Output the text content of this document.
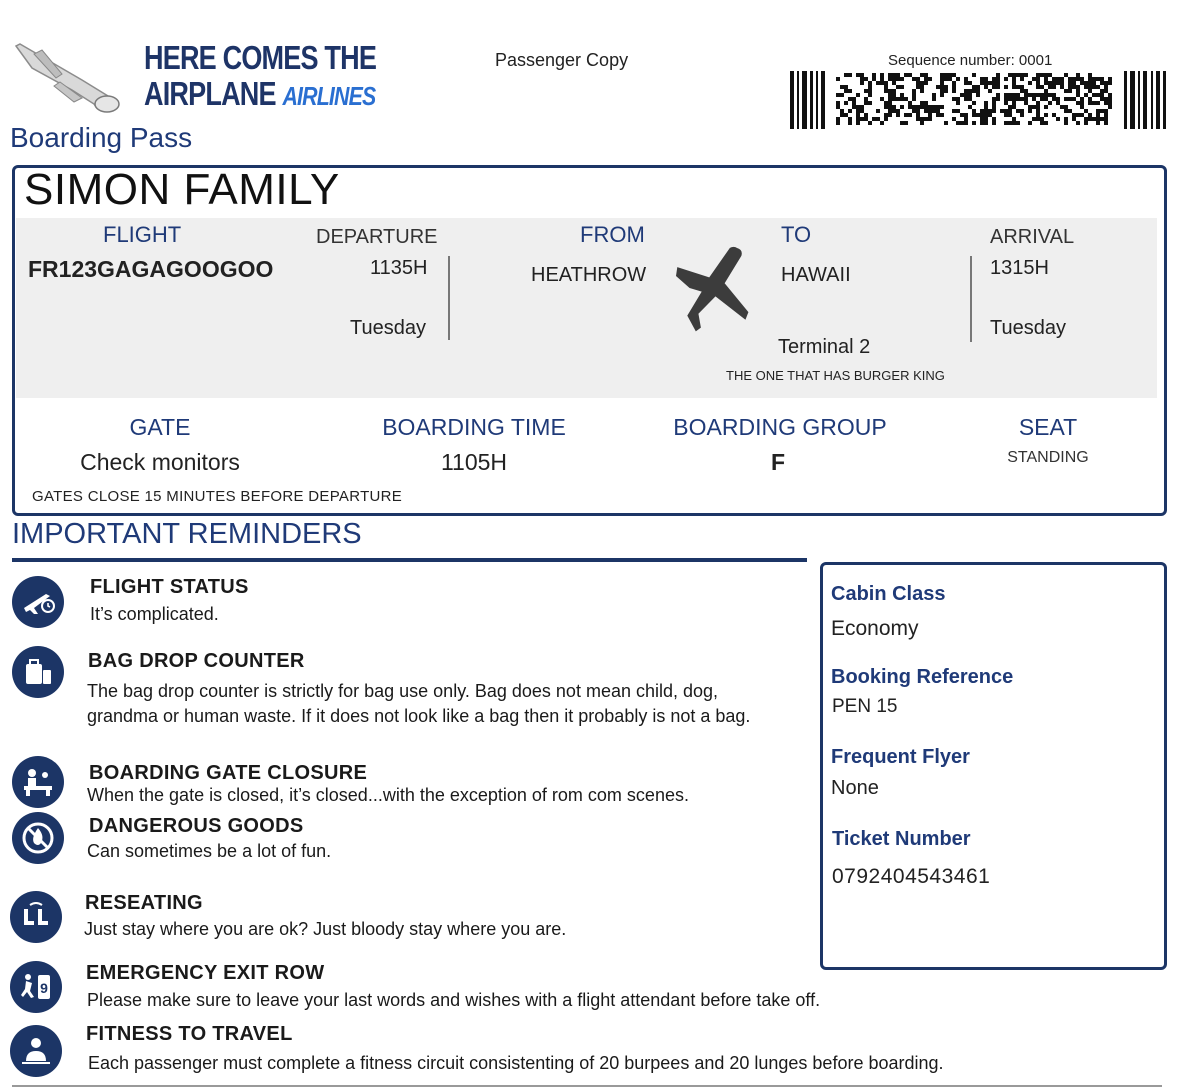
HERE COMES THE
AIRPLANE AIRLINES
Passenger Copy	Sequence number: 0001
Boarding Pass
SIMON FAMILY
FLIGHT
FR123GAGAGOOGOO
DEPARTURE
1135H
Tuesday
FROM
HEATHROW
TO
HAWAII
Terminal 2
THE ONE THAT HAS BURGER KING
ARRIVAL
1315H
Tuesday
GATE
Check monitors
BOARDING TIME
1105H
BOARDING GROUP
F
SEAT
STANDING
GATES CLOSE 15 MINUTES BEFORE DEPARTURE
IMPORTANT REMINDERS
FLIGHT STATUS
It’s complicated.
BAG DROP COUNTER
The bag drop counter is strictly for bag use only. Bag does not mean child, dog,
grandma or human waste. If it does not look like a bag then it probably is not a bag.
BOARDING GATE CLOSURE
When the gate is closed, it’s closed...with the exception of rom com scenes.
DANGEROUS GOODS
Can sometimes be a lot of fun.
RESEATING
Just stay where you are ok? Just bloody stay where you are.
9
EMERGENCY EXIT ROW
Please make sure to leave your last words and wishes with a flight attendant before take off.
FITNESS TO TRAVEL
Each passenger must complete a fitness circuit consistenting of 20 burpees and 20 lunges before boarding.
Cabin Class
Economy
Booking Reference
PEN 15
Frequent Flyer
None
Ticket Number
0792404543461
